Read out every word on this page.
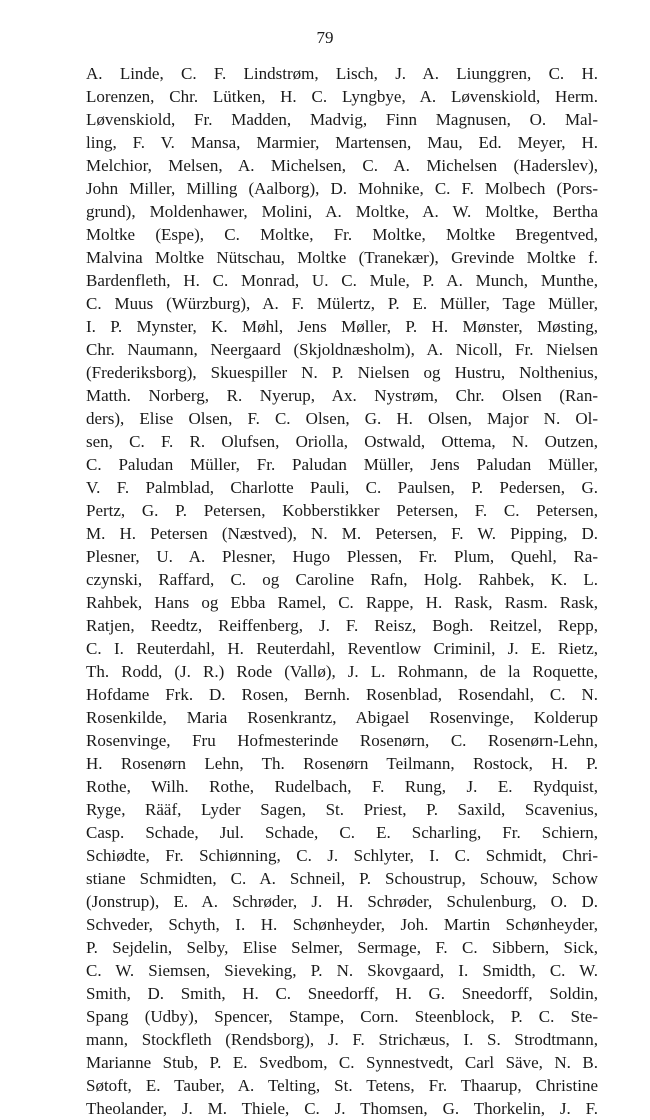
79
A. Linde, C. F. Lindstrøm, Lisch, J. A. Liunggren, C. H.
Lorenzen, Chr. Lütken, H. C. Lyngbye, A. Løvenskiold, Herm.
Løvenskiold, Fr. Madden, Madvig, Finn Magnusen, O. Mal-
ling, F. V. Mansa, Marmier, Martensen, Mau, Ed. Meyer, H.
Melchior, Melsen, A. Michelsen, C. A. Michelsen (Haderslev),
John Miller, Milling (Aalborg), D. Mohnike, C. F. Molbech (Pors-
grund), Moldenhawer, Molini, A. Moltke, A. W. Moltke, Bertha
Moltke (Espe), C. Moltke, Fr. Moltke, Moltke Bregentved,
Malvina Moltke Nütschau, Moltke (Tranekær), Grevinde Moltke f.
Bardenfleth, H. C. Monrad, U. C. Mule, P. A. Munch, Munthe,
C. Muus (Würzburg), A. F. Mülertz, P. E. Müller, Tage Müller,
I. P. Mynster, K. Møhl, Jens Møller, P. H. Mønster, Møsting,
Chr. Naumann, Neergaard (Skjoldnæsholm), A. Nicoll, Fr. Nielsen
(Frederiksborg), Skuespiller N. P. Nielsen og Hustru, Nolthenius,
Matth. Norberg, R. Nyerup, Ax. Nystrøm, Chr. Olsen (Ran-
ders), Elise Olsen, F. C. Olsen, G. H. Olsen, Major N. Ol-
sen, C. F. R. Olufsen, Oriolla, Ostwald, Ottema, N. Outzen,
C. Paludan Müller, Fr. Paludan Müller, Jens Paludan Müller,
V. F. Palmblad, Charlotte Pauli, C. Paulsen, P. Pedersen, G.
Pertz, G. P. Petersen, Kobberstikker Petersen, F. C. Petersen,
M. H. Petersen (Næstved), N. M. Petersen, F. W. Pipping, D.
Plesner, U. A. Plesner, Hugo Plessen, Fr. Plum, Quehl, Ra-
czynski, Raffard, C. og Caroline Rafn, Holg. Rahbek, K. L.
Rahbek, Hans og Ebba Ramel, C. Rappe, H. Rask, Rasm. Rask,
Ratjen, Reedtz, Reiffenberg, J. F. Reisz, Bogh. Reitzel, Repp,
C. I. Reuterdahl, H. Reuterdahl, Reventlow Criminil, J. E. Rietz,
Th. Rodd, (J. R.) Rode (Vallø), J. L. Rohmann, de la Roquette,
Hofdame Frk. D. Rosen, Bernh. Rosenblad, Rosendahl, C. N.
Rosenkilde, Maria Rosenkrantz, Abigael Rosenvinge, Kolderup
Rosenvinge, Fru Hofmesterinde Rosenørn, C. Rosenørn-Lehn,
H. Rosenørn Lehn, Th. Rosenørn Teilmann, Rostock, H. P.
Rothe, Wilh. Rothe, Rudelbach, F. Rung, J. E. Rydquist,
Ryge, Rääf, Lyder Sagen, St. Priest, P. Saxild, Scavenius,
Casp. Schade, Jul. Schade, C. E. Scharling, Fr. Schiern,
Schiødte, Fr. Schiønning, C. J. Schlyter, I. C. Schmidt, Chri-
stiane Schmidten, C. A. Schneil, P. Schoustrup, Schouw, Schow
(Jonstrup), E. A. Schrøder, J. H. Schrøder, Schulenburg, O. D.
Schveder, Schyth, I. H. Schønheyder, Joh. Martin Schønheyder,
P. Sejdelin, Selby, Elise Selmer, Sermage, F. C. Sibbern, Sick,
C. W. Siemsen, Sieveking, P. N. Skovgaard, I. Smidth, C. W.
Smith, D. Smith, H. C. Sneedorff, H. G. Sneedorff, Soldin,
Spang (Udby), Spencer, Stampe, Corn. Steenblock, P. C. Ste-
mann, Stockfleth (Rendsborg), J. F. Strichæus, I. S. Strodtmann,
Marianne Stub, P. E. Svedbom, C. Synnestvedt, Carl Säve, N. B.
Søtoft, E. Tauber, A. Telting, St. Tetens, Fr. Thaarup, Christine
Theolander, J. M. Thiele, C. J. Thomsen, G. Thorkelin, J. F.
